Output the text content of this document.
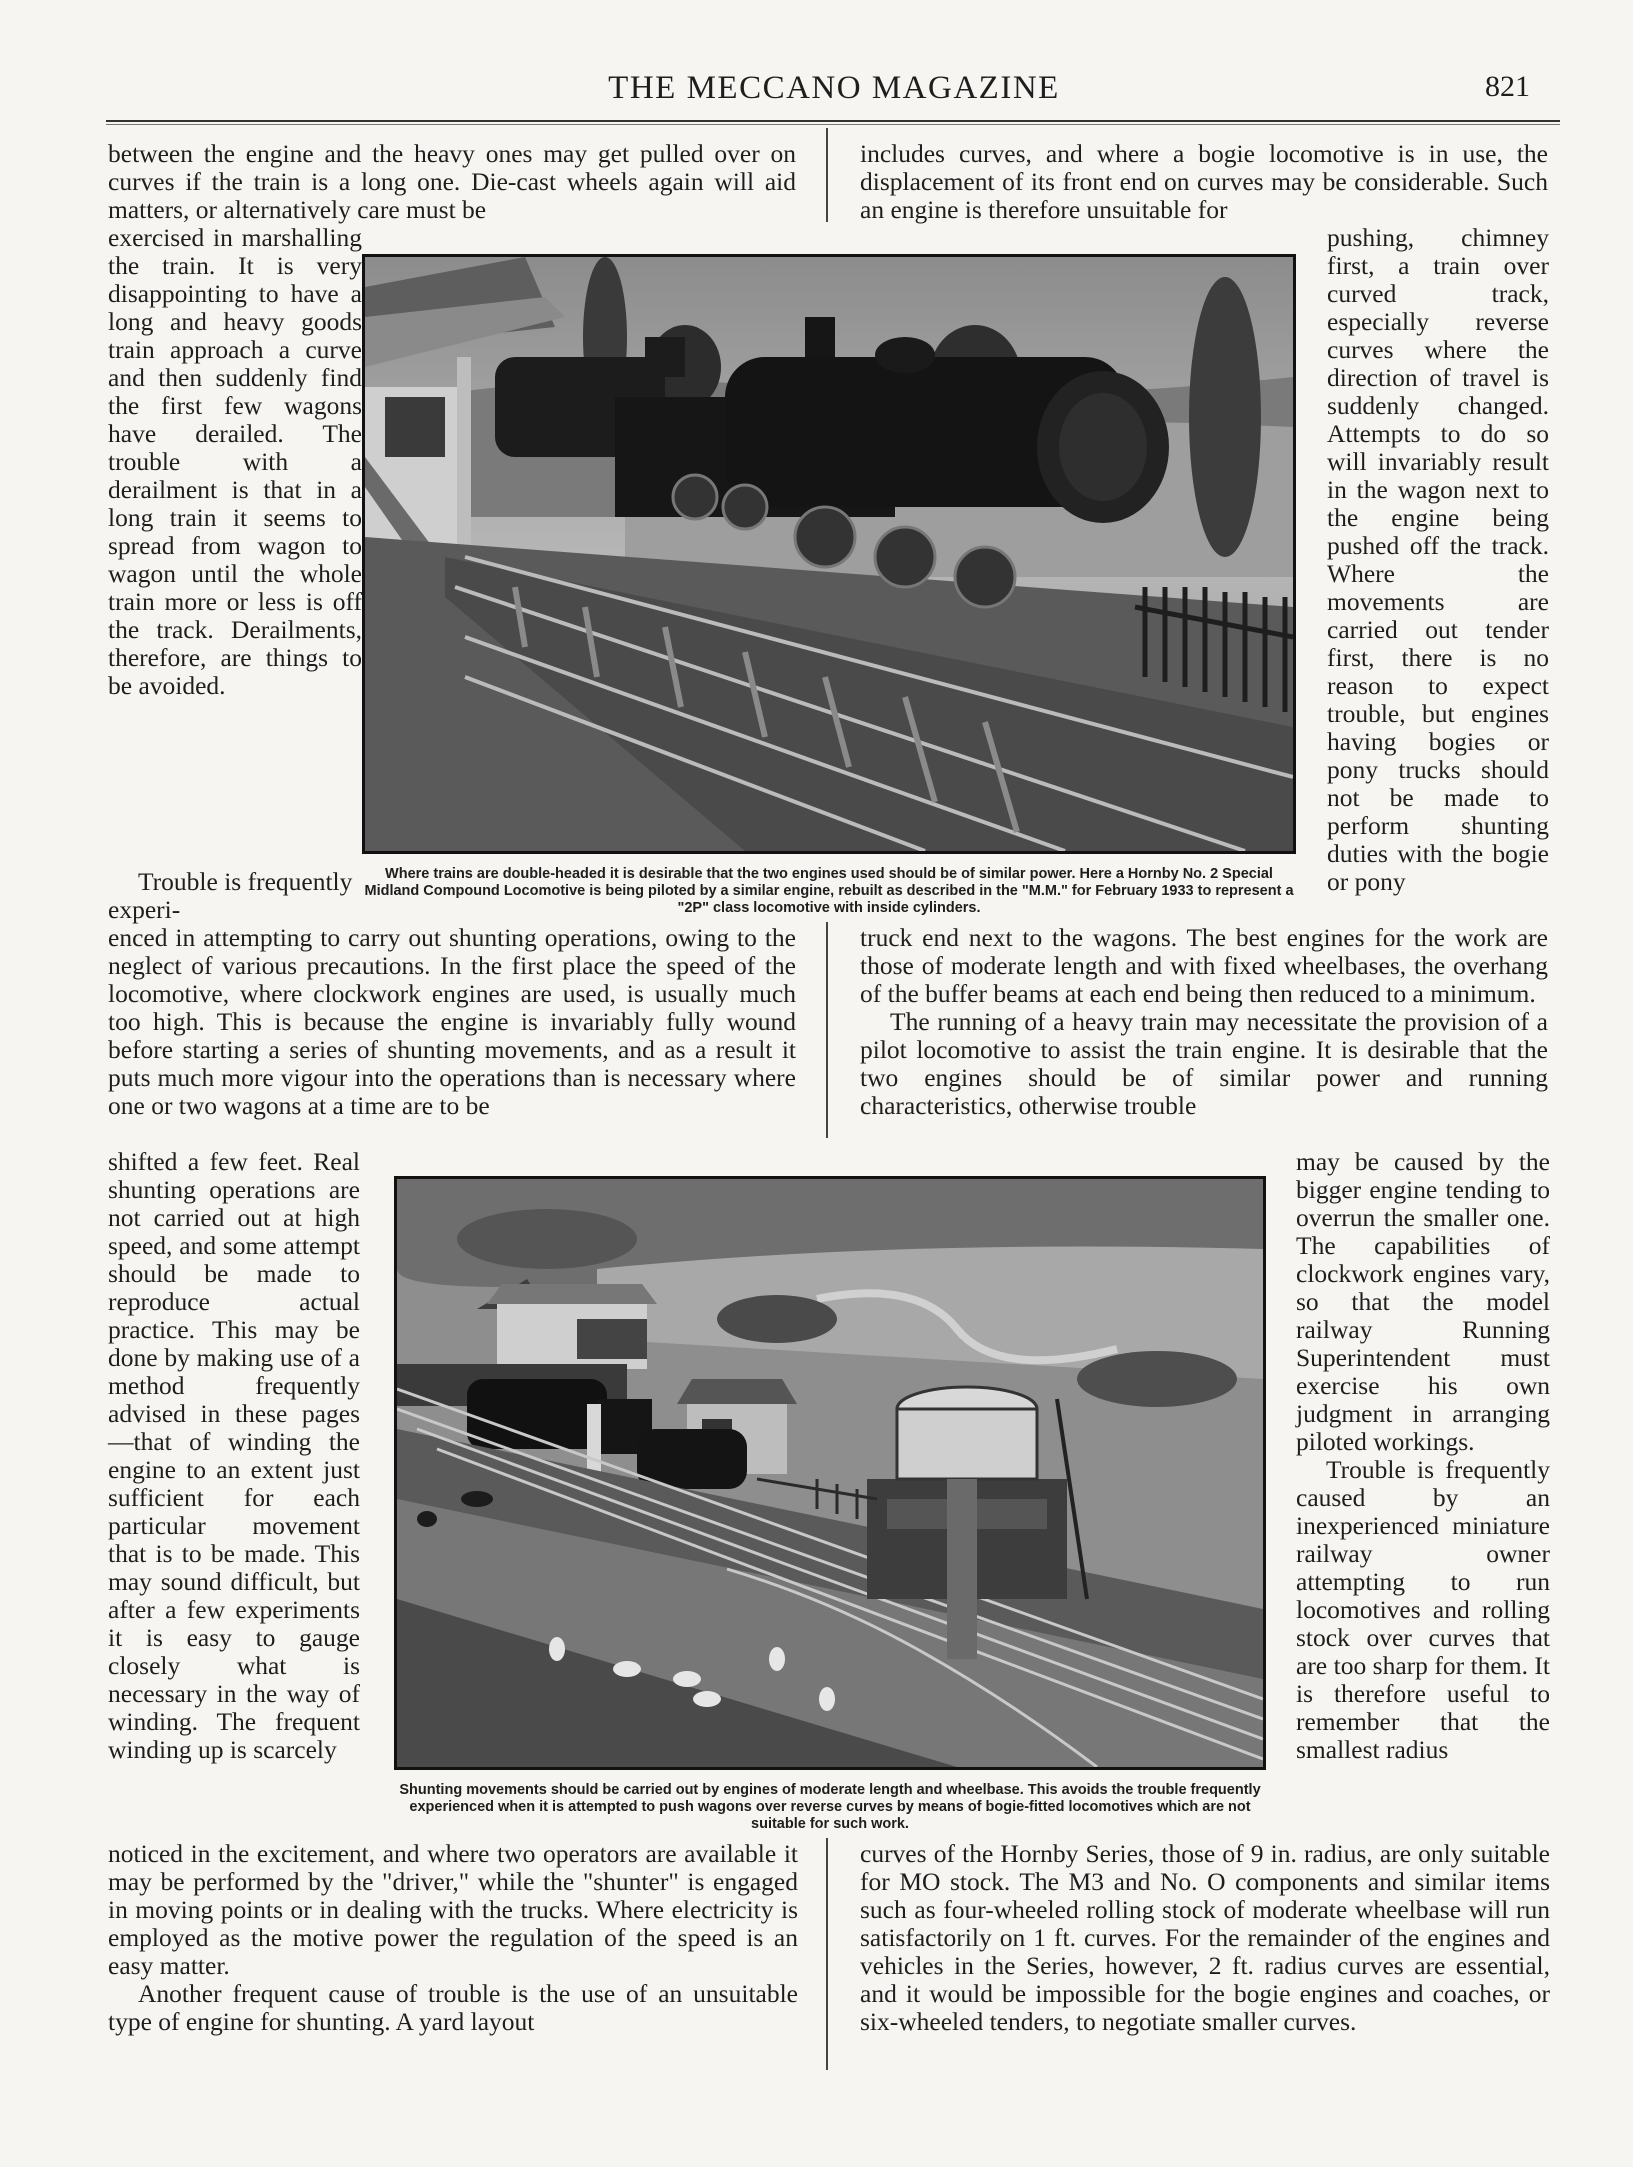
THE MECCANO MAGAZINE	821

between the engine and the heavy ones may get pulled over on curves if the train is a long one. Die-cast wheels again will aid matters, or alternatively care must be

includes curves, and where a bogie locomotive is in use, the displacement of its front end on curves may be considerable. Such an engine is therefore unsuitable for

exercised in marshalling the train. It is very disappointing to have a long and heavy goods train approach a curve and then suddenly find the first few wagons have derailed. The trouble with a derailment is that in a long train it seems to spread from wagon to wagon until the whole train more or less is off the track. Derailments, therefore, are things to be avoided.

Trouble is frequently experi-

pushing, chimney first, a train over curved track, especially reverse curves where the direction of travel is suddenly changed. Attempts to do so will invariably result in the wagon next to the engine being pushed off the track. Where the movements are carried out tender first, there is no reason to expect trouble, but engines having bogies or pony trucks should not be made to perform shunting duties with the bogie or pony

Where trains are double-headed it is desirable that the two engines used should be of similar power. Here a Hornby No. 2 Special Midland Compound Locomotive is being piloted by a similar engine, rebuilt as described in the "M.M." for February 1933 to represent a "2P" class locomotive with inside cylinders.

enced in attempting to carry out shunting operations, owing to the neglect of various precautions. In the first place the speed of the locomotive, where clockwork engines are used, is usually much too high. This is because the engine is invariably fully wound before starting a series of shunting movements, and as a result it puts much more vigour into the operations than is necessary where one or two wagons at a time are to be

truck end next to the wagons. The best engines for the work are those of moderate length and with fixed wheelbases, the overhang of the buffer beams at each end being then reduced to a minimum.

The running of a heavy train may necessitate the provision of a pilot locomotive to assist the train engine. It is desirable that the two engines should be of similar power and running characteristics, otherwise trouble

shifted a few feet. Real shunting operations are not carried out at high speed, and some attempt should be made to reproduce actual practice. This may be done by making use of a method frequently advised in these pages—that of winding the engine to an extent just sufficient for each particular movement that is to be made. This may sound difficult, but after a few experiments it is easy to gauge closely what is necessary in the way of winding. The frequent winding up is scarcely

may be caused by the bigger engine tending to overrun the smaller one. The capabilities of clockwork engines vary, so that the model railway Running Superintendent must exercise his own judgment in arranging piloted workings.

Trouble is frequently caused by an inexperienced miniature railway owner attempting to run locomotives and rolling stock over curves that are too sharp for them. It is therefore useful to remember that the smallest radius

Shunting movements should be carried out by engines of moderate length and wheelbase. This avoids the trouble frequently experienced when it is attempted to push wagons over reverse curves by means of bogie-fitted locomotives which are not suitable for such work.

noticed in the excitement, and where two operators are available it may be performed by the "driver," while the "shunter" is engaged in moving points or in dealing with the trucks. Where electricity is employed as the motive power the regulation of the speed is an easy matter.

Another frequent cause of trouble is the use of an unsuitable type of engine for shunting. A yard layout

curves of the Hornby Series, those of 9 in. radius, are only suitable for MO stock. The M3 and No. O components and similar items such as four-wheeled rolling stock of moderate wheelbase will run satisfactorily on 1 ft. curves. For the remainder of the engines and vehicles in the Series, however, 2 ft. radius curves are essential, and it would be impossible for the bogie engines and coaches, or six-wheeled tenders, to negotiate smaller curves.
